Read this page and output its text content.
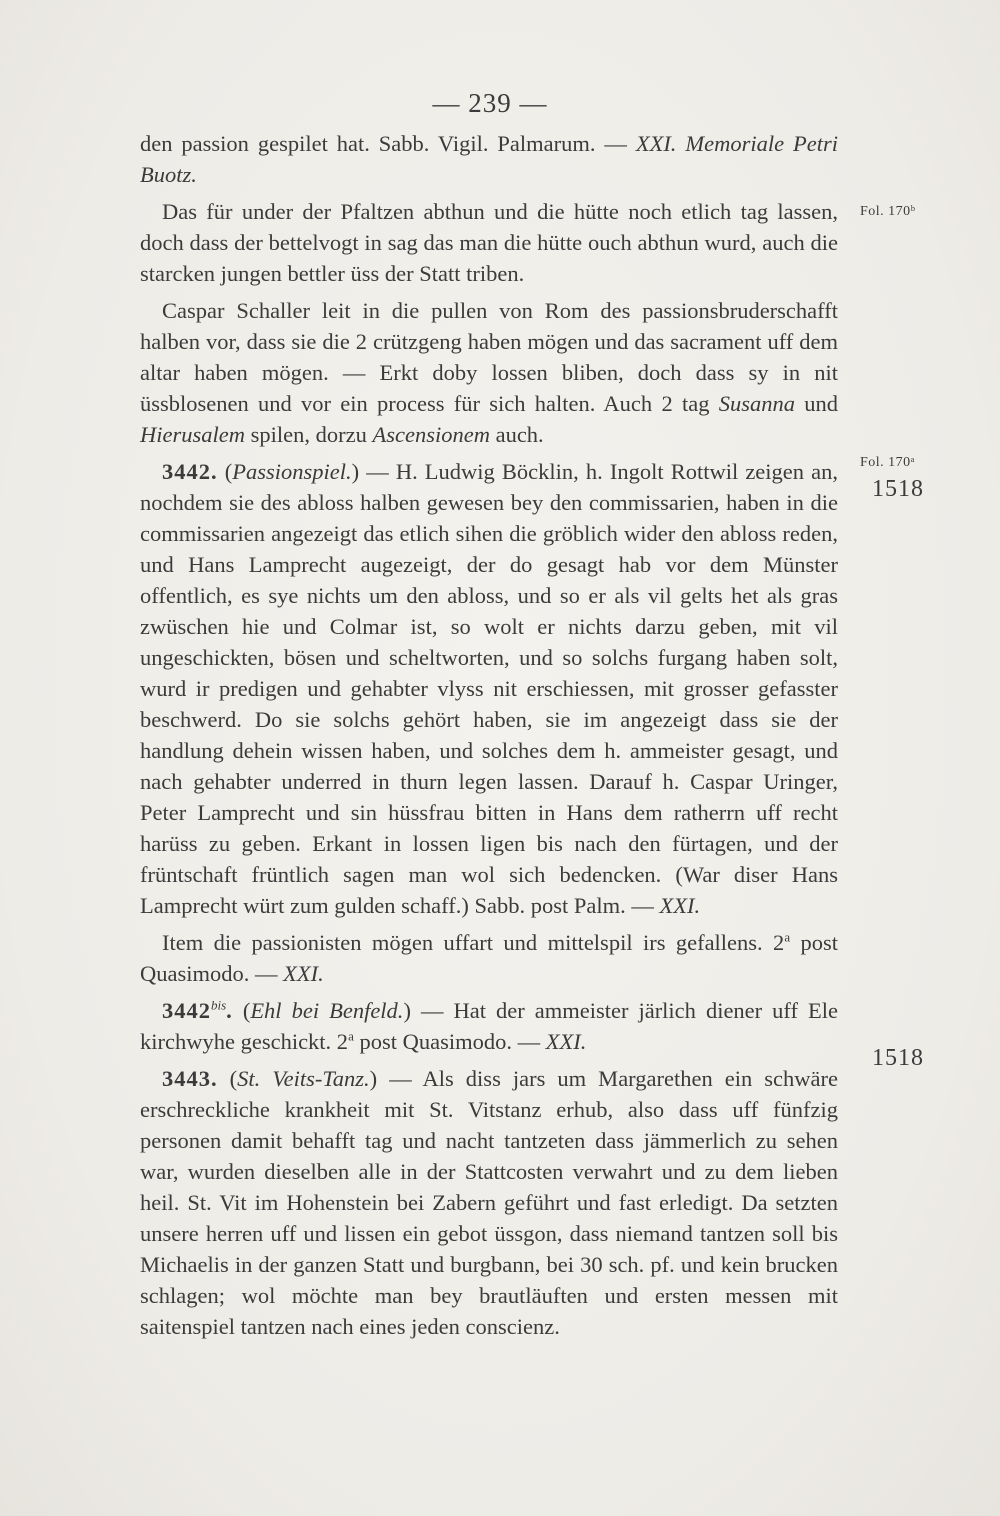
— 239 —
Fol. 170ᵇ
Fol. 170ᵃ
1518
1518

den passion gespilet hat. Sabb. Vigil. Palmarum. — XXI. Memoriale Petri Buotz.

Das für under der Pfaltzen abthun und die hütte noch etlich tag lassen, doch dass der bettelvogt in sag das man die hütte ouch abthun wurd, auch die starcken jungen bettler üss der Statt triben.

Caspar Schaller leit in die pullen von Rom des passionsbruderschafft halben vor, dass sie die 2 crützgeng haben mögen und das sacrament uff dem altar haben mögen. — Erkt doby lossen bliben, doch dass sy in nit üssblosenen und vor ein process für sich halten. Auch 2 tag Susanna und Hierusalem spilen, dorzu Ascensionem auch.

3442. (Passionspiel.) — H. Ludwig Böcklin, h. Ingolt Rottwil zeigen an, nochdem sie des abloss halben gewesen bey den commissarien, haben in die commissarien angezeigt das etlich sihen die gröblich wider den abloss reden, und Hans Lamprecht augezeigt, der do gesagt hab vor dem Münster offentlich, es sye nichts um den abloss, und so er als vil gelts het als gras zwüschen hie und Colmar ist, so wolt er nichts darzu geben, mit vil ungeschickten, bösen und scheltworten, und so solchs furgang haben solt, wurd ir predigen und gehabter vlyss nit erschiessen, mit grosser gefasster beschwerd. Do sie solchs gehört haben, sie im angezeigt dass sie der handlung dehein wissen haben, und solches dem h. ammeister gesagt, und nach gehabter underred in thurn legen lassen. Darauf h. Caspar Uringer, Peter Lamprecht und sin hüssfrau bitten in Hans dem ratherrn uff recht harüss zu geben. Erkant in lossen ligen bis nach den fürtagen, und der früntschaft früntlich sagen man wol sich bedencken. (War diser Hans Lamprecht würt zum gulden schaff.) Sabb. post Palm. — XXI.

Item die passionisten mögen uffart und mittelspil irs gefallens. 2$^a$ post Quasimodo. — XXI.

$3442^{bis}$. (Ehl bei Benfeld.) — Hat der ammeister järlich diener uff Ele kirchwyhe geschickt. 2$^a$ post Quasimodo. — XXI.

3443. (St. Veits-Tanz.) — Als diss jars um Margarethen ein schwäre erschreckliche krankheit mit St. Vitstanz erhub, also dass uff fünfzig personen damit behafft tag und nacht tantzeten dass jämmerlich zu sehen war, wurden dieselben alle in der Stattcosten verwahrt und zu dem lieben heil. St. Vit im Hohenstein bei Zabern geführt und fast erledigt. Da setzten unsere herren uff und lissen ein gebot üssgon, dass niemand tantzen soll bis Michaelis in der ganzen Statt und burgbann, bei 30 sch. pf. und kein brucken schlagen; wol möchte man bey brautläuften und ersten messen mit saitenspiel tantzen nach eines jeden conscienz.
